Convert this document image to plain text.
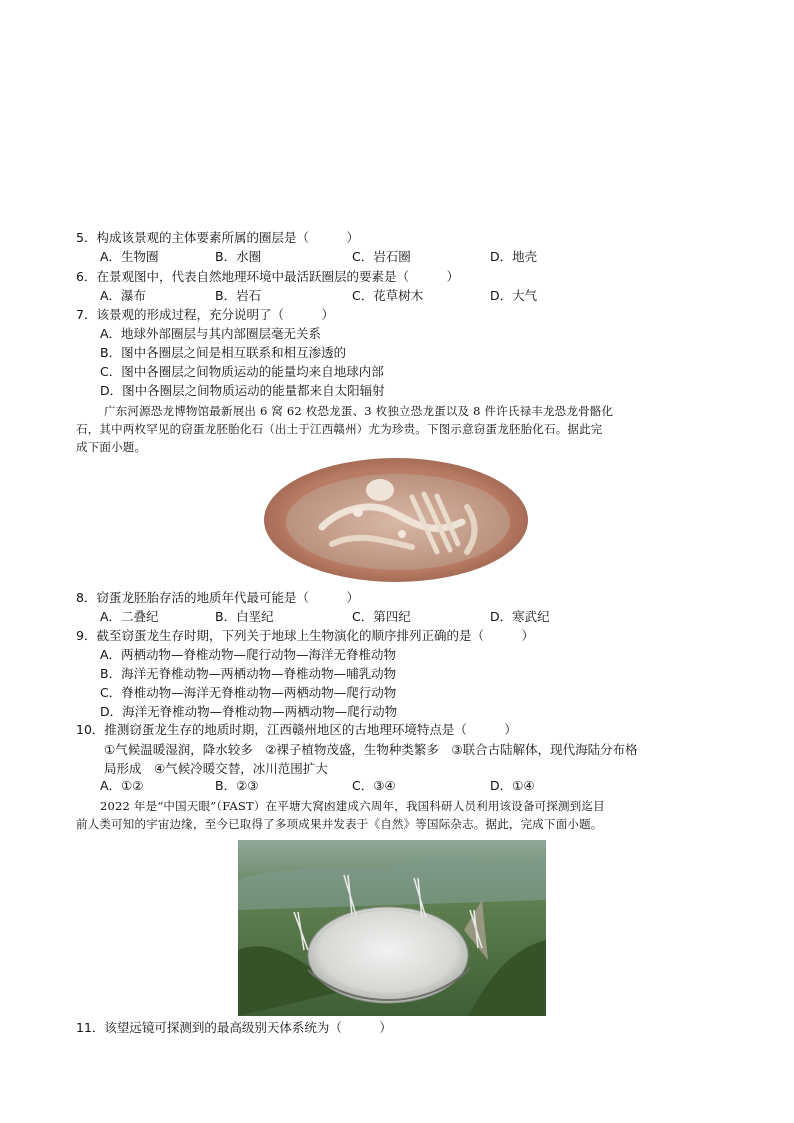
5．构成该景观的主体要素所属的圈层是（　　　）
A．生物圈	B．水圈	C．岩石圈	D．地壳
6．在景观图中，代表自然地理环境中最活跃圈层的要素是（　　　）
A．瀑布	B．岩石	C．花草树木	D．大气
7．该景观的形成过程，充分说明了（　　　）
A．地球外部圈层与其内部圈层毫无关系
B．图中各圈层之间是相互联系和相互渗透的
C．图中各圈层之间物质运动的能量均来自地球内部
D．图中各圈层之间物质运动的能量都来自太阳辐射
广东河源恐龙博物馆最新展出 6 窝 62 枚恐龙蛋、3 枚独立恐龙蛋以及 8 件许氏禄丰龙恐龙骨骼化
石，其中两枚罕见的窃蛋龙胚胎化石（出土于江西赣州）尤为珍贵。下图示意窃蛋龙胚胎化石。据此完
成下面小题。
8．窃蛋龙胚胎存活的地质年代最可能是（　　　）
A．二叠纪	B．白垩纪	C．第四纪	D．寒武纪
9．截至窃蛋龙生存时期，下列关于地球上生物演化的顺序排列正确的是（　　　）
A．两栖动物—脊椎动物—爬行动物—海洋无脊椎动物
B．海洋无脊椎动物—两栖动物—脊椎动物—哺乳动物
C．脊椎动物—海洋无脊椎动物—两栖动物—爬行动物
D．海洋无脊椎动物—脊椎动物—两栖动物—爬行动物
10．推测窃蛋龙生存的地质时期，江西赣州地区的古地理环境特点是（　　　）
①气候温暖湿润，降水较多　②裸子植物茂盛，生物种类繁多　③联合古陆解体，现代海陆分布格
局形成　④气候冷暖交替，冰川范围扩大
A．①②	B．②③	C．③④	D．①④
2022 年是“中国天眼”（FAST）在平塘大窝凼建成六周年，我国科研人员利用该设备可探测到迄目
前人类可知的宇宙边缘，至今已取得了多项成果并发表于《自然》等国际杂志。据此，完成下面小题。
11．该望远镜可探测到的最高级别天体系统为（　　　）
